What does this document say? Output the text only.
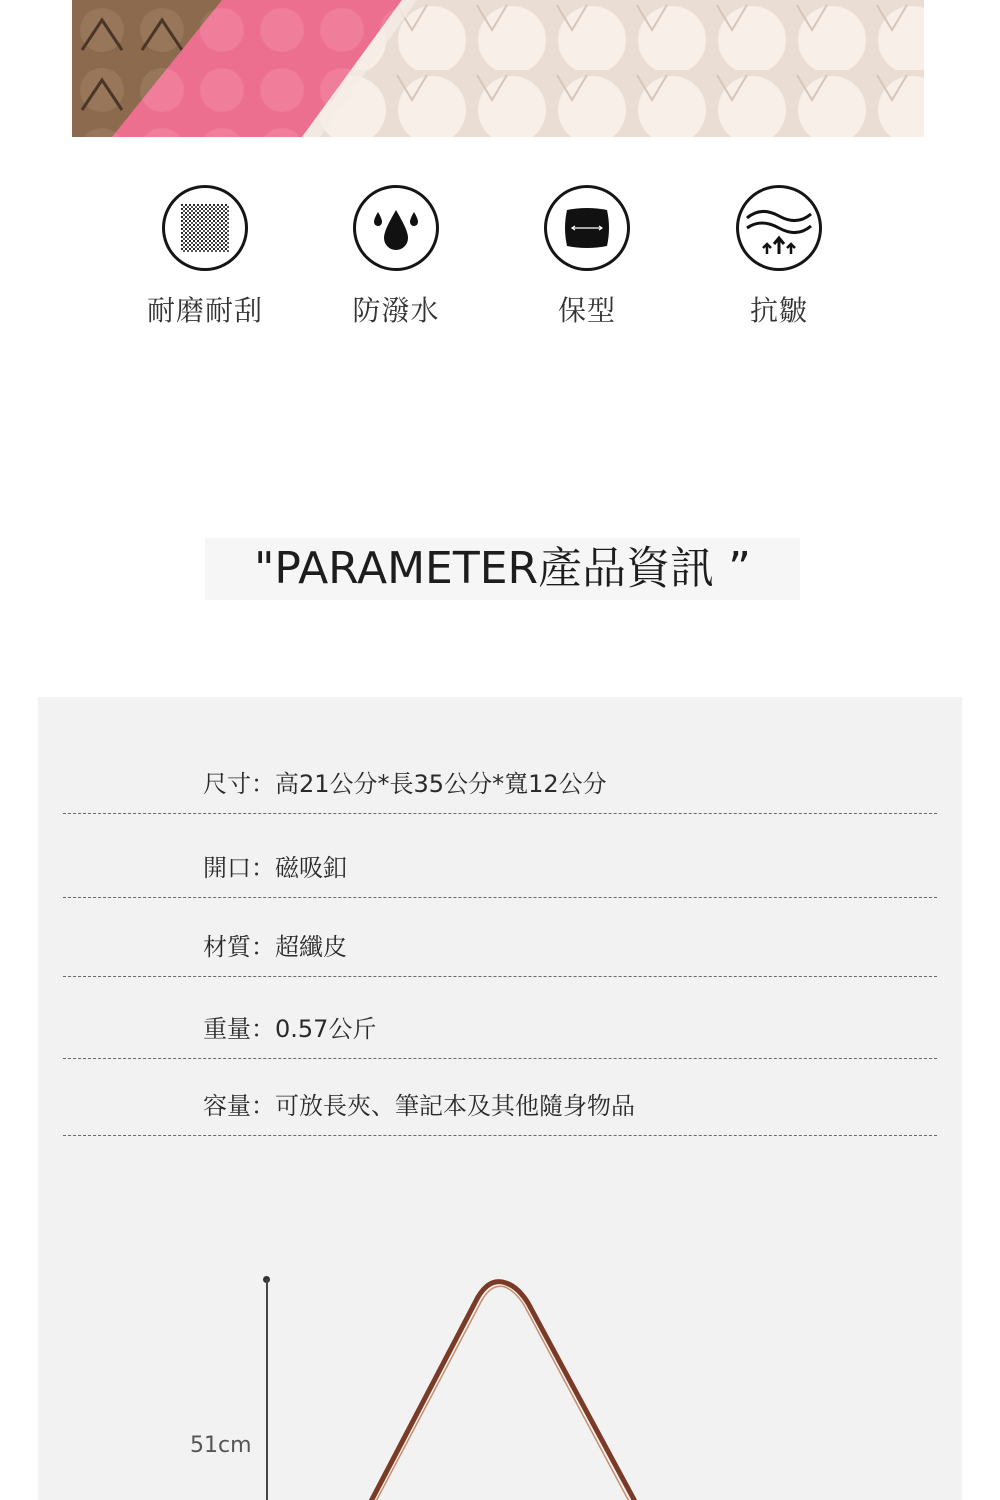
耐磨耐刮	防潑水	保型	抗皺
"PARAMETER產品資訊 ”
尺寸：高21公分*長35公分*寬12公分
開口：磁吸釦
材質：超纖皮
重量：0.57公斤
容量：可放長夾、筆記本及其他隨身物品
51cm
